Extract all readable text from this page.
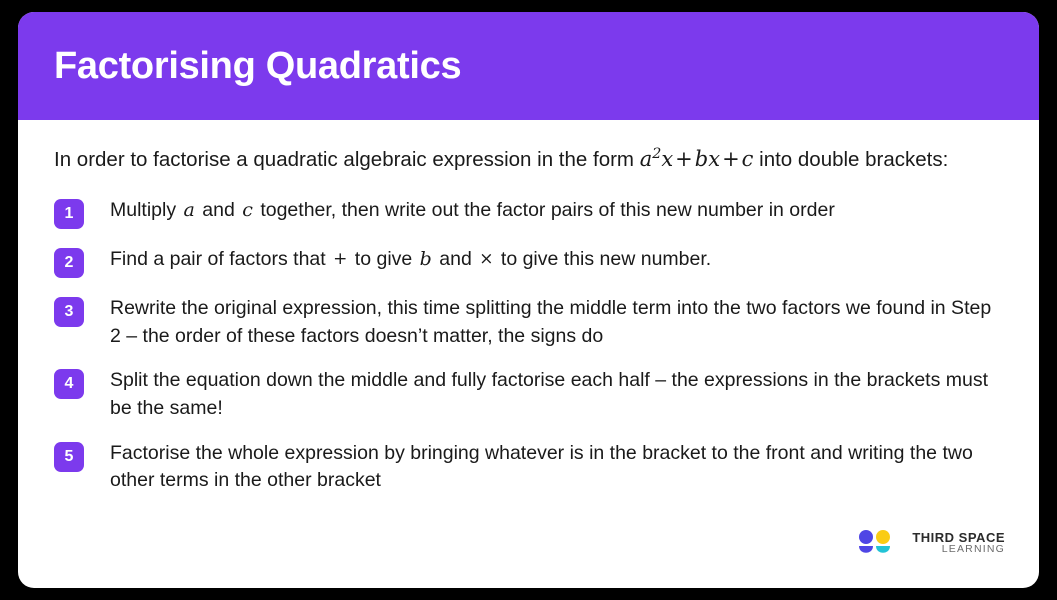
Factorising Quadratics
In order to factorise a quadratic algebraic expression in the form $a^2x+bx+c$ into double brackets:
1	Multiply a and c together, then write out the factor pairs of this new number in order
2	Find a pair of factors that + to give b and × to give this new number.
3	Rewrite the original expression, this time splitting the middle term into the two factors we found in Step 2 – the order of these factors doesn’t matter, the signs do
4	Split the equation down the middle and fully factorise each half – the expressions in the brackets must be the same!
5	Factorise the whole expression by bringing whatever is in the bracket to the front and writing the two other terms in the other bracket
THIRD SPACE
LEARNING
